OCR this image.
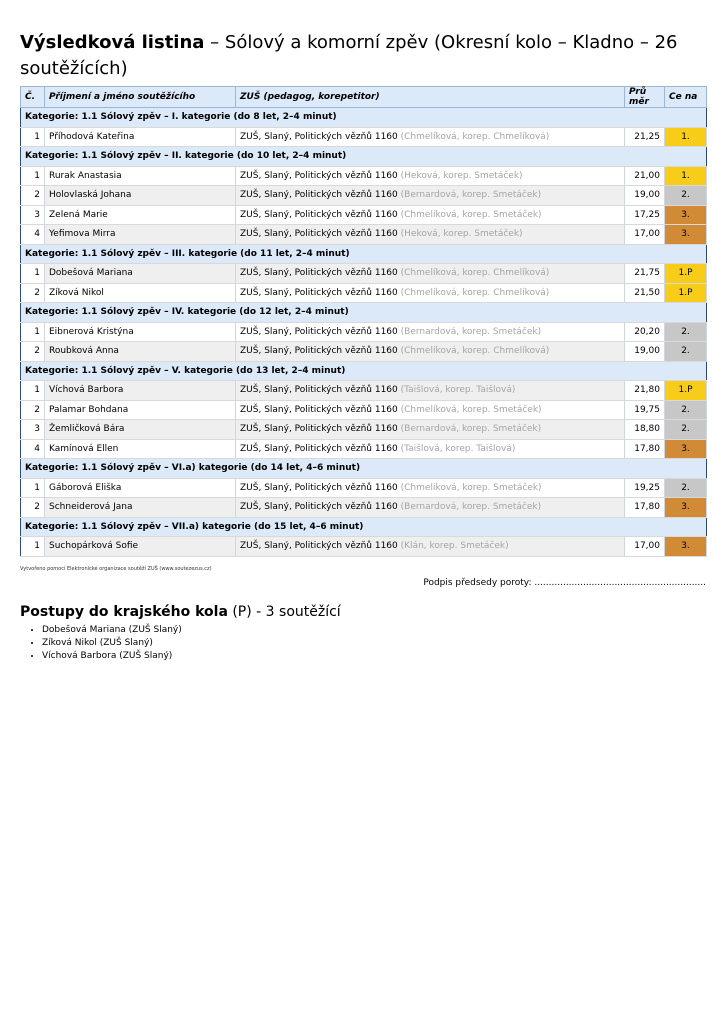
Výsledková listina – Sólový a komorní zpěv (Okresní kolo – Kladno – 26 soutěžících)
Č.	Příjmení a jméno soutěžícího	ZUŠ (pedagog, korepetitor)	Prů měr	Ce na
Kategorie: 1.1 Sólový zpěv – I. kategorie (do 8 let, 2–4 minut)				
1	Příhodová Kateřina	ZUŠ, Slaný, Politických vězňů 1160 (Chmelíková, korep. Chmelíková)	21,25	1.
Kategorie: 1.1 Sólový zpěv – II. kategorie (do 10 let, 2–4 minut)				
1	Rurak Anastasia	ZUŠ, Slaný, Politických vězňů 1160 (Heková, korep. Smetáček)	21,00	1.
2	Holovlaská Johana	ZUŠ, Slaný, Politických vězňů 1160 (Bernardová, korep. Smetáček)	19,00	2.
3	Zelená Marie	ZUŠ, Slaný, Politických vězňů 1160 (Chmelíková, korep. Smetáček)	17,25	3.
4	Yefimova Mirra	ZUŠ, Slaný, Politických vězňů 1160 (Heková, korep. Smetáček)	17,00	3.
Kategorie: 1.1 Sólový zpěv – III. kategorie (do 11 let, 2–4 minut)				
1	Dobešová Mariana	ZUŠ, Slaný, Politických vězňů 1160 (Chmelíková, korep. Chmelíková)	21,75	1.P
2	Zíková Nikol	ZUŠ, Slaný, Politických vězňů 1160 (Chmelíková, korep. Chmelíková)	21,50	1.P
Kategorie: 1.1 Sólový zpěv – IV. kategorie (do 12 let, 2–4 minut)				
1	Eibnerová Kristýna	ZUŠ, Slaný, Politických vězňů 1160 (Bernardová, korep. Smetáček)	20,20	2.
2	Roubková Anna	ZUŠ, Slaný, Politických vězňů 1160 (Chmelíková, korep. Chmelíková)	19,00	2.
Kategorie: 1.1 Sólový zpěv – V. kategorie (do 13 let, 2–4 minut)				
1	Víchová Barbora	ZUŠ, Slaný, Politických vězňů 1160 (Taišlová, korep. Taišlová)	21,80	1.P
2	Palamar Bohdana	ZUŠ, Slaný, Politických vězňů 1160 (Chmelíková, korep. Smetáček)	19,75	2.
3	Žemličková Bára	ZUŠ, Slaný, Politických vězňů 1160 (Bernardová, korep. Smetáček)	18,80	2.
4	Kamínová Ellen	ZUŠ, Slaný, Politických vězňů 1160 (Taišlová, korep. Taišlová)	17,80	3.
Kategorie: 1.1 Sólový zpěv – VI.a) kategorie (do 14 let, 4–6 minut)				
1	Gáborová Eliška	ZUŠ, Slaný, Politických vězňů 1160 (Chmelíková, korep. Smetáček)	19,25	2.
2	Schneiderová Jana	ZUŠ, Slaný, Politických vězňů 1160 (Bernardová, korep. Smetáček)	17,80	3.
Kategorie: 1.1 Sólový zpěv – VII.a) kategorie (do 15 let, 4–6 minut)				
1	Suchopárková Sofie	ZUŠ, Slaný, Politických vězňů 1160 (Klán, korep. Smetáček)	17,00	3.
Vytvořeno pomocí Elektronické organizace soutěží ZUŠ (www.soutezezus.cz)
Podpis předsedy poroty: ............................................................
Postupy do krajského kola (P) - 3 soutěžící
• Dobešová Mariana (ZUŠ Slaný)
• Zíková Nikol (ZUŠ Slaný)
• Víchová Barbora (ZUŠ Slaný)
